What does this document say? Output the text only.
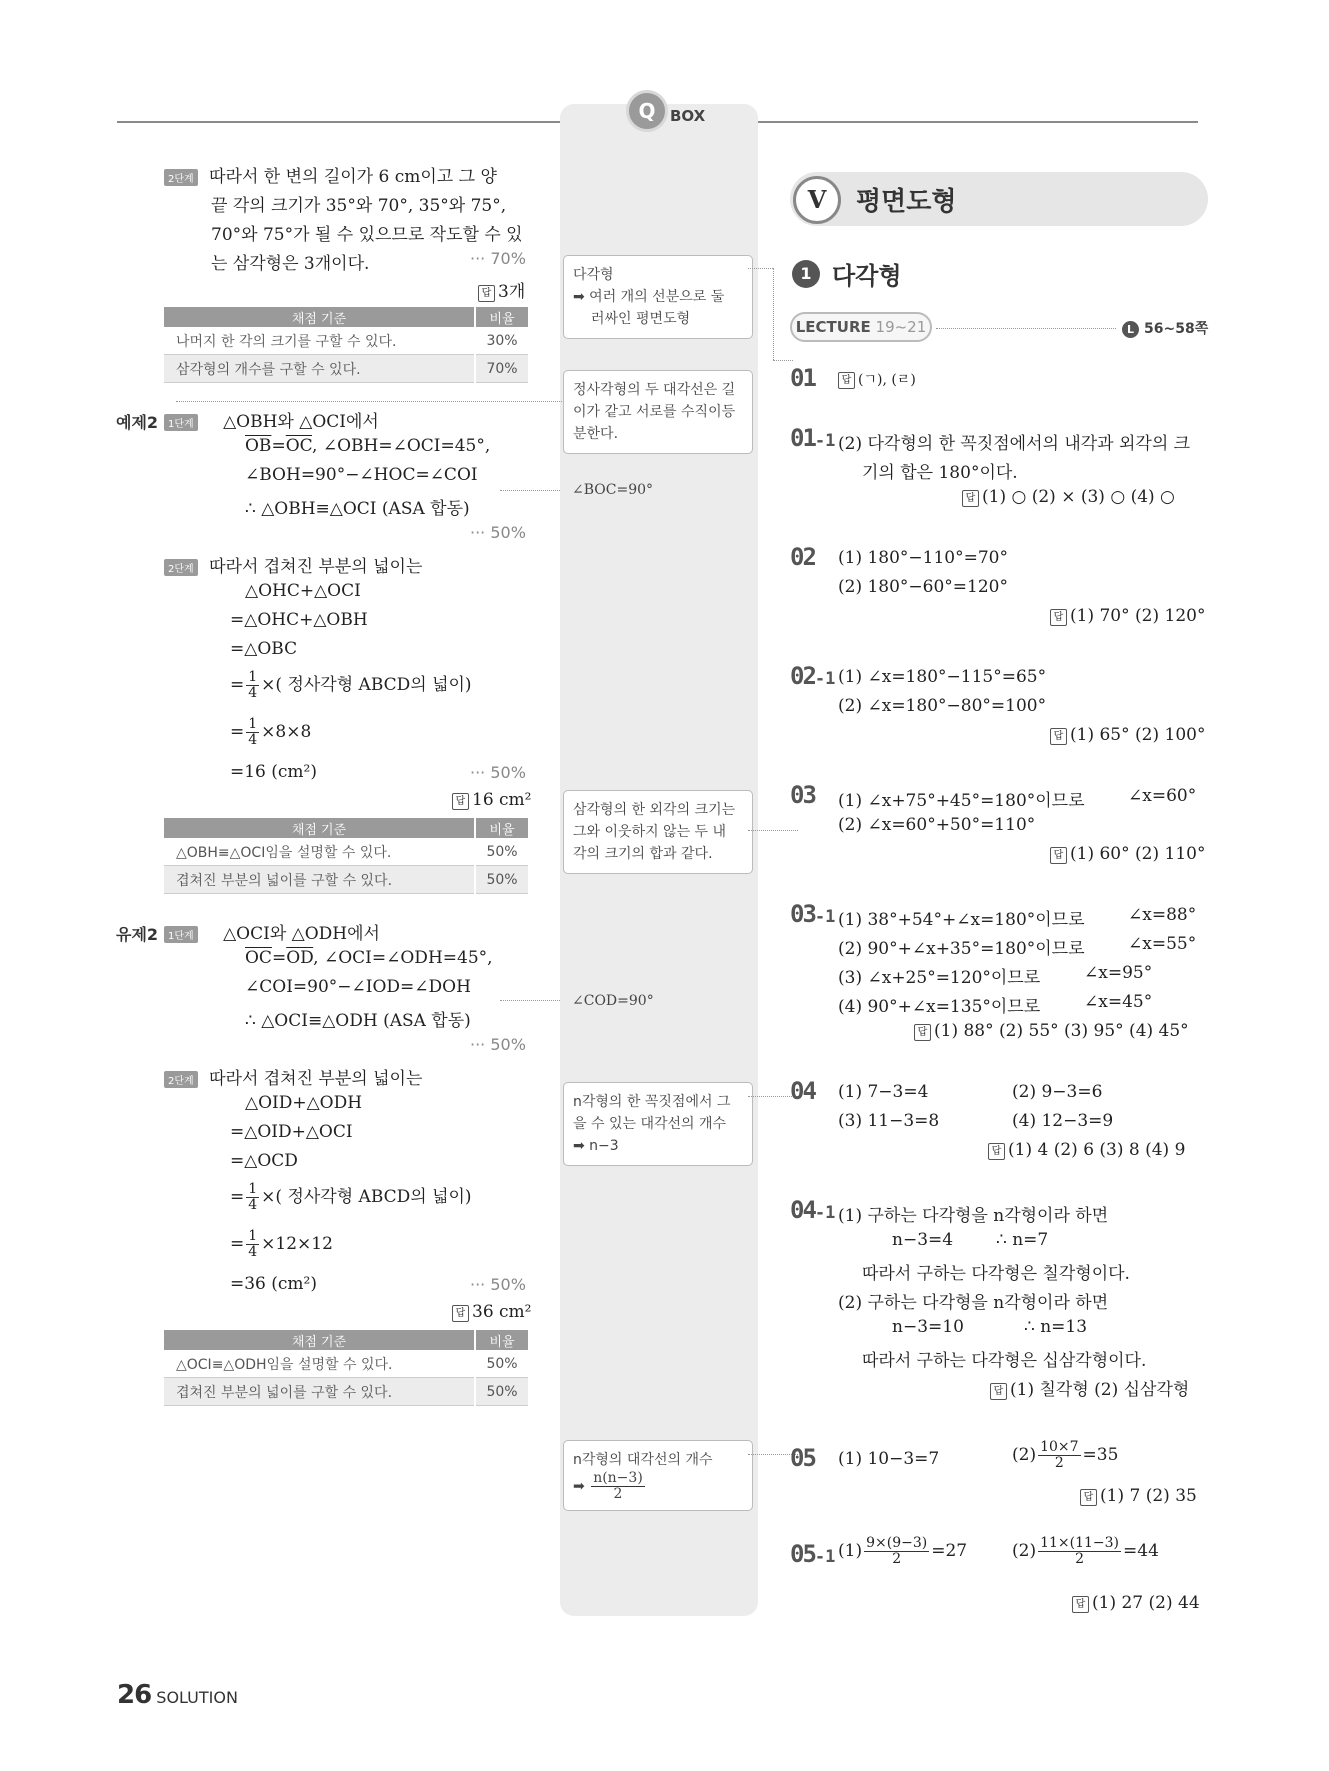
Q BOX
2단계 따라서 한 변의 길이가 6 cm이고 그 양
끝 각의 크기가 35°와 70°, 35°와 75°,
70°와 75°가 될 수 있으므로 작도할 수 있
는 삼각형은 3개이다.	··· 70%
답 3개
채점 기준	비율
나머지 한 각의 크기를 구할 수 있다.	30%
삼각형의 개수를 구할 수 있다.	70%
예제2 1단계 △OBH와 △OCI에서
$\overline{OB}=\overline{OC}$, ∠OBH=∠OCI=45°,
∠BOH=90°−∠HOC=∠COI
∴ △OBH≡△OCI (ASA 합동)
··· 50%
2단계 따라서 겹쳐진 부분의 넓이는
△OHC+△OCI
=△OHC+△OBH
=△OBC
= $\frac{1}{4}$ ×( 정사각형 ABCD의 넓이)
= $\frac{1}{4} \times 8\times 8$
=16 (cm²)	··· 50%
답 16 cm²
채점 기준	비율
△OBH≡△OCI임을 설명할 수 있다.	50%
겹쳐진 부분의 넓이를 구할 수 있다.	50%
유제2 1단계 △OCI와 △ODH에서
$\overline{OC}=\overline{OD}$, ∠OCI=∠ODH=45°,
∠COI=90°−∠IOD=∠DOH
∴ △OCI≡△ODH (ASA 합동)
··· 50%
2단계 따라서 겹쳐진 부분의 넓이는
△OID+△ODH
=△OID+△OCI
=△OCD
= $\frac{1}{4}$ ×( 정사각형 ABCD의 넓이)
= $\frac{1}{4} \times 12\times 12$
=36 (cm²)	··· 50%
답 36 cm²
채점 기준	비율
△OCI≡△ODH임을 설명할 수 있다.	50%
겹쳐진 부분의 넓이를 구할 수 있다.	50%
다각형
➡ 여러 개의 선분으로 둘
러싸인 평면도형
정사각형의 두 대각선은 길
이가 같고 서로를 수직이등
분한다.
∠BOC=90°
삼각형의 한 외각의 크기는
그와 이웃하지 않는 두 내
각의 크기의 합과 같다.
∠COD=90°
n각형의 한 꼭짓점에서 그
을 수 있는 대각선의 개수
➡ n−3
n각형의 대각선의 개수
➡ $\frac{n(n-3)}{2}$
V	평면도형
1 다각형
LECTURE 19~21	L 56~58쪽
01	답 (ㄱ), (ㄹ)
01-1 (2) 다각형의 한 꼭짓점에서의 내각과 외각의 크
기의 합은 180°이다.
답 (1) ○ (2) × (3) ○ (4) ○
02 (1) 180°−110°=70°
(2) 180°−60°=120°
답 (1) 70° (2) 120°
02-1 (1) ∠x=180°−115°=65°
(2) ∠x=180°−80°=100°
답 (1) 65° (2) 100°
03 (1) ∠x+75°+45°=180°이므로	∠x=60°
(2) ∠x=60°+50°=110°
답 (1) 60° (2) 110°
03-1 (1) 38°+54°+∠x=180°이므로	∠x=88°
(2) 90°+∠x+35°=180°이므로	∠x=55°
(3) ∠x+25°=120°이므로	∠x=95°
(4) 90°+∠x=135°이므로	∠x=45°
답 (1) 88° (2) 55° (3) 95° (4) 45°
04 (1) 7−3=4	(2) 9−3=6
(3) 11−3=8	(4) 12−3=9
답 (1) 4 (2) 6 (3) 8 (4) 9
04-1 (1) 구하는 다각형을 n각형이라 하면
n−3=4	∴ n=7
따라서 구하는 다각형은 칠각형이다.
(2) 구하는 다각형을 n각형이라 하면
n−3=10	∴ n=13
따라서 구하는 다각형은 십삼각형이다.
답 (1) 칠각형 (2) 십삼각형
05 (1) 10−3=7	$(2) \frac{10\times 7}{2} =35$
답 (1) 7 (2) 35
05-1 $(1) \frac{9\times(9-3)}{2} =27$	$(2) \frac{11\times(11-3)}{2} =44$
답 (1) 27 (2) 44
26 SOLUTION
